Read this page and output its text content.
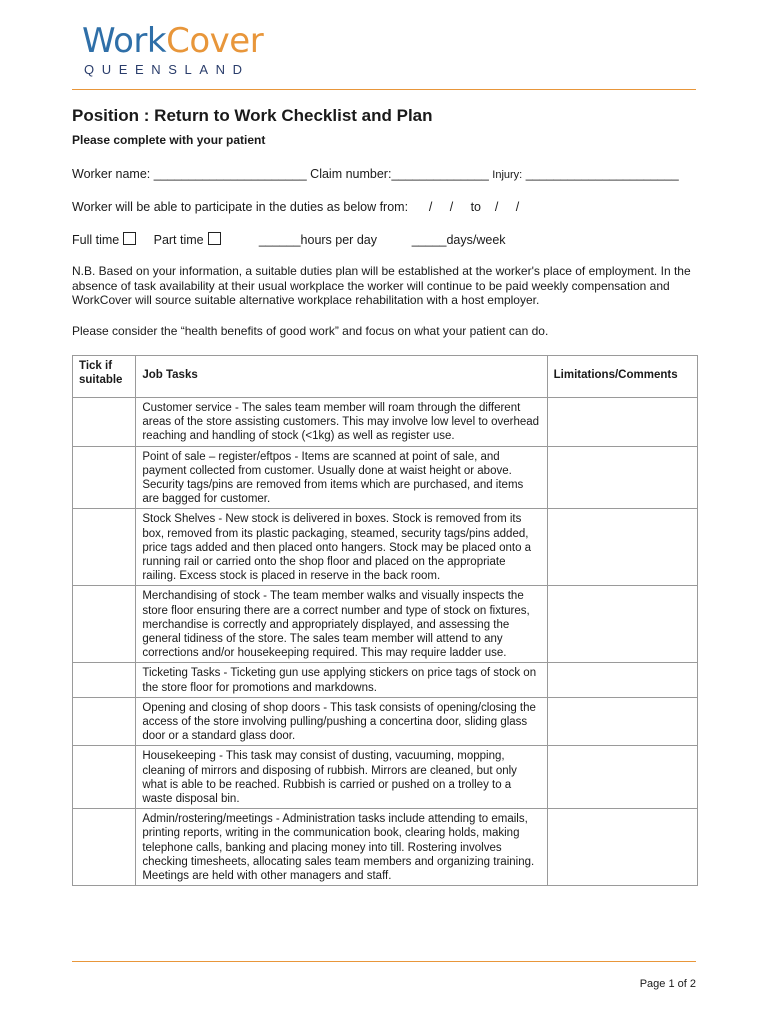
WorkCover
QUEENSLAND
Position : Return to Work Checklist and Plan
Please complete with your patient
Worker name: ______________________ Claim number:______________ Injury: ______________________
Worker will be able to participate in the duties as below from: /     / to /     /
Full time	Part time	______hours per day	_____days/week
N.B. Based on your information, a suitable duties plan will be established at the worker's place of employment. In the absence of task availability at their usual workplace the worker will continue to be paid weekly compensation and WorkCover will source suitable alternative workplace rehabilitation with a host employer.
Please consider the “health benefits of good work” and focus on what your patient can do.
Tick if suitable	Job Tasks	Limitations/Comments
	Customer service - The sales team member will roam through the different areas of the store assisting customers. This may involve low level to overhead reaching and handling of stock (<1kg) as well as register use.	
	Point of sale – register/eftpos - Items are scanned at point of sale, and payment collected from customer. Usually done at waist height or above. Security tags/pins are removed from items which are purchased, and items are bagged for customer.	
	Stock Shelves - New stock is delivered in boxes. Stock is removed from its box, removed from its plastic packaging, steamed, security tags/pins added, price tags added and then placed onto hangers. Stock may be placed onto a running rail or carried onto the shop floor and placed on the appropriate railing. Excess stock is placed in reserve in the back room.	
	Merchandising of stock - The team member walks and visually inspects the store floor ensuring there are a correct number and type of stock on fixtures, merchandise is correctly and appropriately displayed, and assessing the general tidiness of the store. The sales team member will attend to any corrections and/or housekeeping required. This may require ladder use.	
	Ticketing Tasks - Ticketing gun use applying stickers on price tags of stock on the store floor for promotions and markdowns.	
	Opening and closing of shop doors - This task consists of opening/closing the access of the store involving pulling/pushing a concertina door, sliding glass door or a standard glass door.	
	Housekeeping - This task may consist of dusting, vacuuming, mopping, cleaning of mirrors and disposing of rubbish. Mirrors are cleaned, but only what is able to be reached. Rubbish is carried or pushed on a trolley to a waste disposal bin.	
	Admin/rostering/meetings - Administration tasks include attending to emails, printing reports, writing in the communication book, clearing holds, making telephone calls, banking and placing money into till. Rostering involves checking timesheets, allocating sales team members and organizing training. Meetings are held with other managers and staff.	
Page 1 of 2
